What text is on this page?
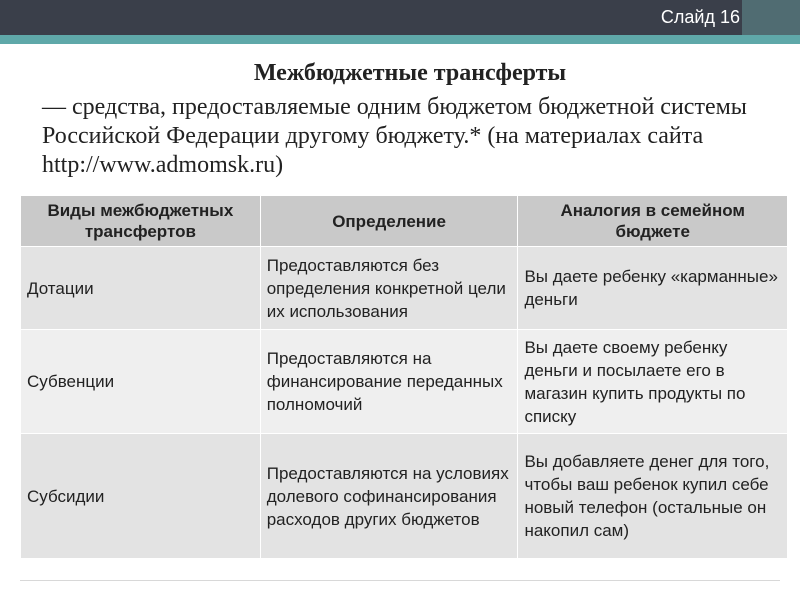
Слайд 16
Межбюджетные трансферты
— средства, предоставляемые одним бюджетом бюджетной системы Российской Федерации другому бюджету.* (на материалах сайта http://www.admomsk.ru)
Виды межбюджетных трансфертов	Определение	Аналогия в семейном бюджете
Дотации	Предоставляются без определения конкретной цели их использования	Вы даете ребенку «карманные» деньги
Субвенции	Предоставляются на финансирование переданных полномочий	Вы даете своему ребенку деньги и посылаете его в магазин купить продукты по списку
Субсидии	Предоставляются на условиях долевого софинансирования расходов других бюджетов	Вы добавляете денег для того, чтобы ваш ребенок купил себе новый телефон (остальные он накопил сам)
